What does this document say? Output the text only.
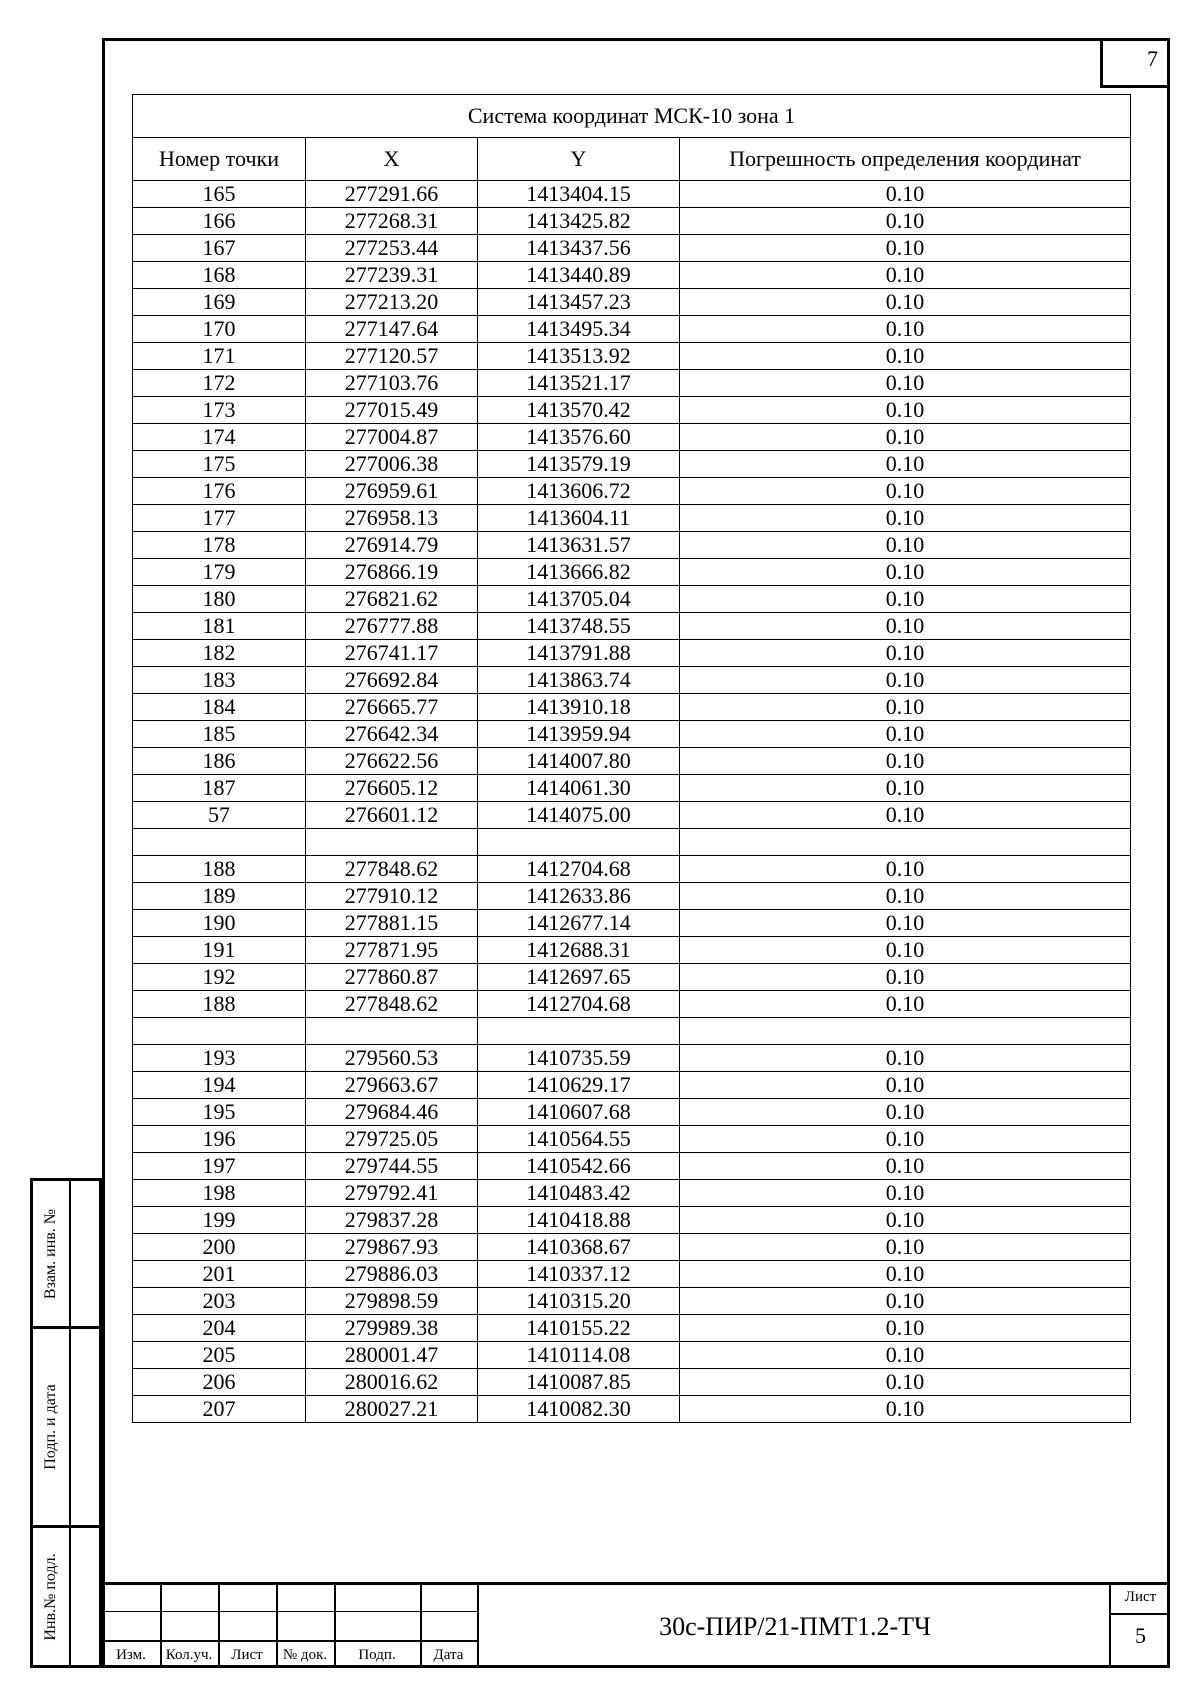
7
Система координат МСК-10 зона 1			
Номер точки	X	Y	Погрешность определения координат
165	277291.66	1413404.15	0.10
166	277268.31	1413425.82	0.10
167	277253.44	1413437.56	0.10
168	277239.31	1413440.89	0.10
169	277213.20	1413457.23	0.10
170	277147.64	1413495.34	0.10
171	277120.57	1413513.92	0.10
172	277103.76	1413521.17	0.10
173	277015.49	1413570.42	0.10
174	277004.87	1413576.60	0.10
175	277006.38	1413579.19	0.10
176	276959.61	1413606.72	0.10
177	276958.13	1413604.11	0.10
178	276914.79	1413631.57	0.10
179	276866.19	1413666.82	0.10
180	276821.62	1413705.04	0.10
181	276777.88	1413748.55	0.10
182	276741.17	1413791.88	0.10
183	276692.84	1413863.74	0.10
184	276665.77	1413910.18	0.10
185	276642.34	1413959.94	0.10
186	276622.56	1414007.80	0.10
187	276605.12	1414061.30	0.10
57	276601.12	1414075.00	0.10

188	277848.62	1412704.68	0.10
189	277910.12	1412633.86	0.10
190	277881.15	1412677.14	0.10
191	277871.95	1412688.31	0.10
192	277860.87	1412697.65	0.10
188	277848.62	1412704.68	0.10

193	279560.53	1410735.59	0.10
194	279663.67	1410629.17	0.10
195	279684.46	1410607.68	0.10
196	279725.05	1410564.55	0.10
197	279744.55	1410542.66	0.10
198	279792.41	1410483.42	0.10
199	279837.28	1410418.88	0.10
200	279867.93	1410368.67	0.10
201	279886.03	1410337.12	0.10
203	279898.59	1410315.20	0.10
204	279989.38	1410155.22	0.10
205	280001.47	1410114.08	0.10
206	280016.62	1410087.85	0.10
207	280027.21	1410082.30	0.10
Взам. инв. №
Подп. и дата
Инв.№ подл.
Изм.	Кол.уч.	Лист	№ док.	Подп.	Дата
30с-ПИР/21-ПМТ1.2-ТЧ
Лист
5
